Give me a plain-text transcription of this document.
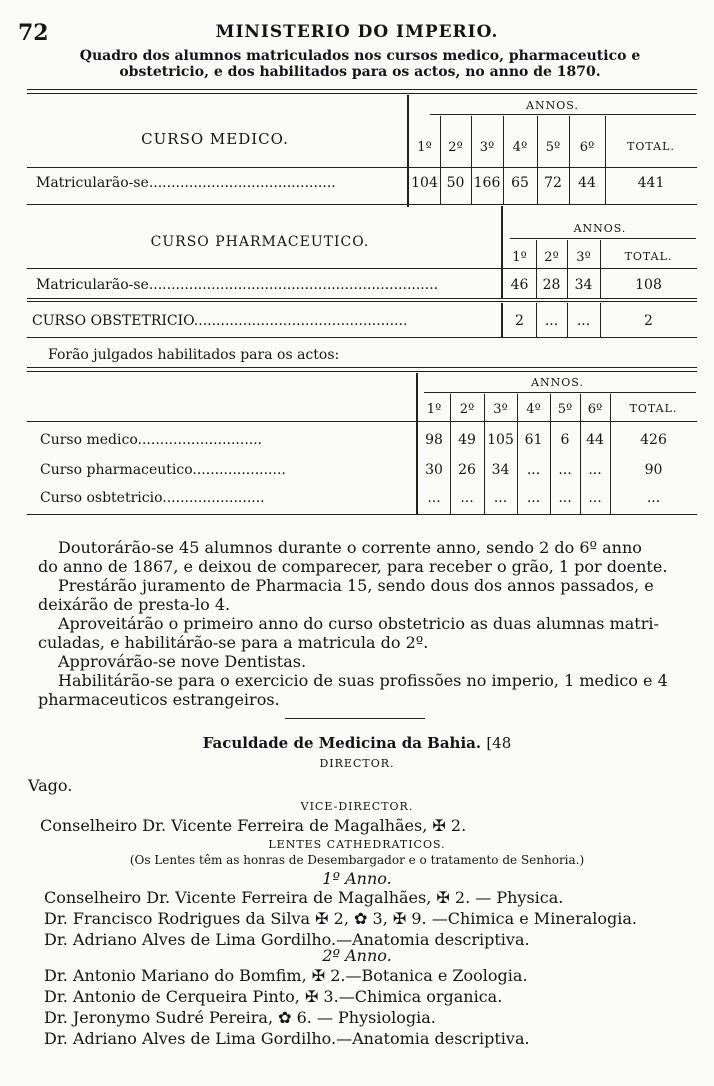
72	MINISTERIO DO IMPERIO.
Quadro dos alumnos matriculados nos cursos medico, pharmaceutico e
obstetricio, e dos habilitados para os actos, no anno de 1870.
ANNOS.
CURSO MEDICO.	1º	2º	3º	4º	5º	6º	TOTAL.
Matricularão-se..........................................	104 50 166 65	72	44	441
ANNOS.
CURSO PHARMACEUTICO.
1º	2º	3º	TOTAL.
Matricularão-se.................................................................	46	28	34	108
CURSO OBSTETRICIO................................................	2	...	...	2
Forão julgados habilitados para os actos:
ANNOS.
1º	2º	3º	4º	5º	6º	TOTAL.
Curso medico............................	98	49 105 61	6	44	426
Curso pharmaceutico.....................	30	26	34	...	...	...	90
Curso osbtetricio.......................	...	...	...	...	...	...	...
Doutorárão-se 45 alumnos durante o corrente anno, sendo 2 do 6º anno
do anno de 1867, e deixou de comparecer, para receber o grão, 1 por doente.
Prestárão juramento de Pharmacia 15, sendo dous dos annos passados, e
deixárão de presta-lo 4.
Aproveitárão o primeiro anno do curso obstetricio as duas alumnas matri-
culadas, e habilitárão-se para a matricula do 2º.
Approvárão-se nove Dentistas.
Habilitárão-se para o exercicio de suas profissões no imperio, 1 medico e 4
pharmaceuticos estrangeiros.
Faculdade de Medicina da Bahia. [48
DIRECTOR.
Vago.
VICE-DIRECTOR.
Conselheiro Dr. Vicente Ferreira de Magalhães, ✠ 2.
LENTES CATHEDRATICOS.
(Os Lentes têm as honras de Desembargador e o tratamento de Senhoria.)
1º Anno.
Conselheiro Dr. Vicente Ferreira de Magalhães, ✠ 2. — Physica.
Dr. Francisco Rodrigues da Silva ✠ 2, ✿ 3, ✠ 9. —Chimica e Mineralogia.
Dr. Adriano Alves de Lima Gordilho.—Anatomia descriptiva.
2º Anno.
Dr. Antonio Mariano do Bomfim, ✠ 2.—Botanica e Zoologia.
Dr. Antonio de Cerqueira Pinto, ✠ 3.—Chimica organica.
Dr. Jeronymo Sudré Pereira, ✿ 6. — Physiologia.
Dr. Adriano Alves de Lima Gordilho.—Anatomia descriptiva.
